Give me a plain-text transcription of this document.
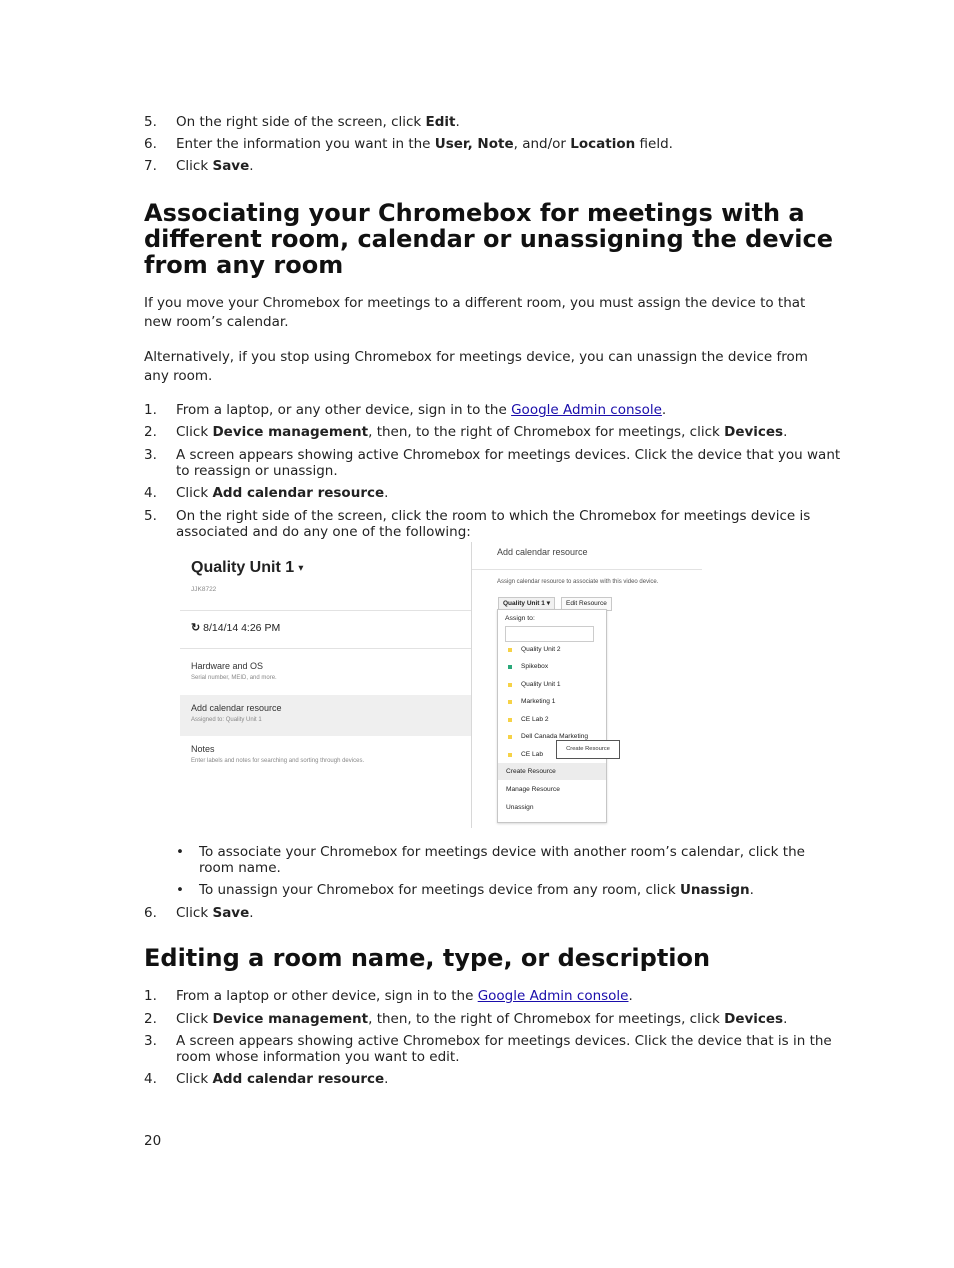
5.	On the right side of the screen, click Edit.
6.	Enter the information you want in the User, Note, and/or Location field.
7.	Click Save.
Associating your Chromebox for meetings with a different room, calendar or unassigning the device from any room
If you move your Chromebox for meetings to a different room, you must assign the device to that new room’s calendar.
Alternatively, if you stop using Chromebox for meetings device, you can unassign the device from any room.
1.	From a laptop, or any other device, sign in to the Google Admin console.
2.	Click Device management, then, to the right of Chromebox for meetings, click Devices.
3.	A screen appears showing active Chromebox for meetings devices. Click the device that you want to reassign or unassign.
4.	Click Add calendar resource.
5.	On the right side of the screen, click the room to which the Chromebox for meetings device is associated and do any one of the following:
Quality Unit 1 ▾
JJK8722
↻ 8/14/14 4:26 PM
Hardware and OS
Serial number, MEID, and more.
Add calendar resource
Assigned to: Quality Unit 1
Notes
Enter labels and notes for searching and sorting through devices.
Add calendar resource
Assign calendar resource to associate with this video device.
Quality Unit 1 ▾	Edit Resource
Assign to:
Quality Unit 2
Spikebox
Quality Unit 1
Marketing 1
CE Lab 2
Dell Canada Marketing
CE Lab
Create Resource
Manage Resource
Unassign
Create Resource
• To associate your Chromebox for meetings device with another room’s calendar, click the room name.
• To unassign your Chromebox for meetings device from any room, click Unassign.
6.	Click Save.
Editing a room name, type, or description
1.	From a laptop or other device, sign in to the Google Admin console.
2.	Click Device management, then, to the right of Chromebox for meetings, click Devices.
3.	A screen appears showing active Chromebox for meetings devices. Click the device that is in the room whose information you want to edit.
4.	Click Add calendar resource.
20
